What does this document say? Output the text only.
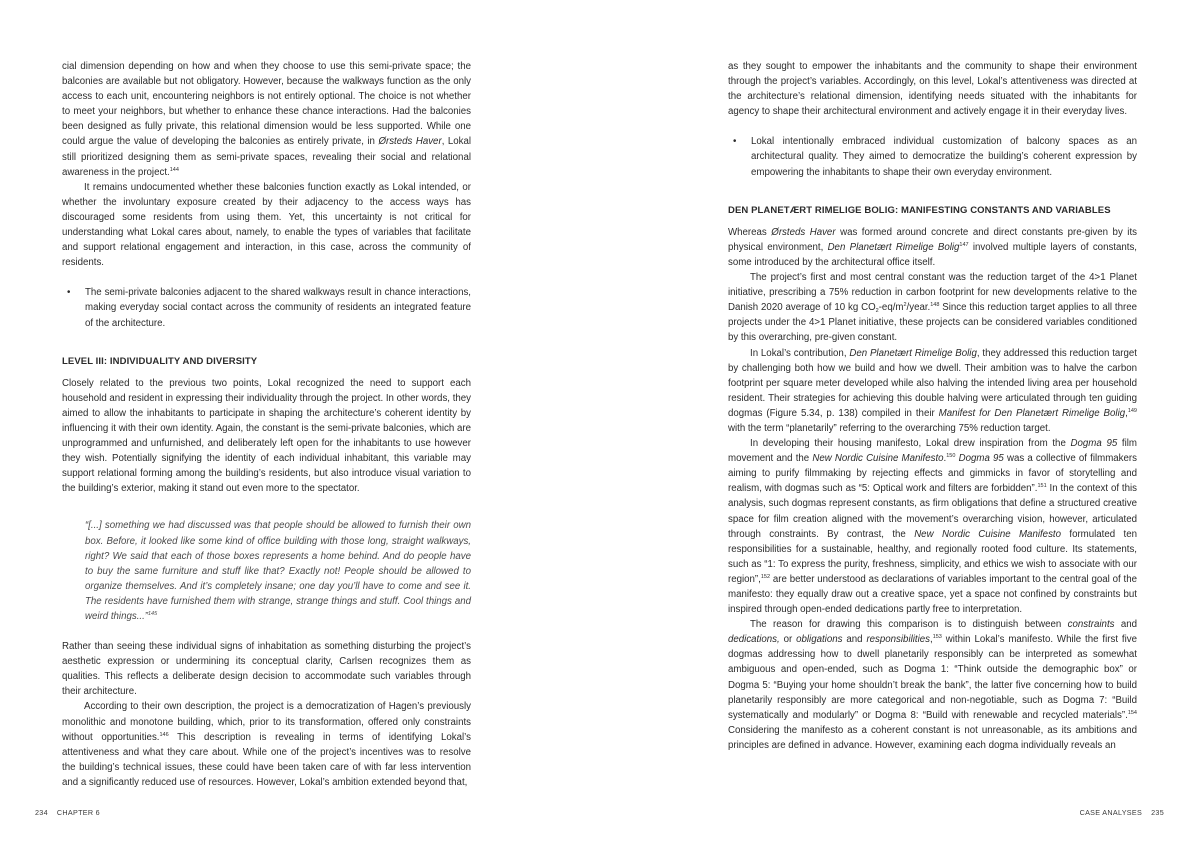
cial dimension depending on how and when they choose to use this semi-private space; the balconies are available but not obligatory. However, because the walkways function as the only access to each unit, encountering neighbors is not entirely optional. The choice is not whether to meet your neighbors, but whether to enhance these chance interactions. Had the balconies been designed as fully private, this relational dimension would be less supported. While one could argue the value of developing the balconies as entirely private, in Ørsteds Haver, Lokal still prioritized designing them as semi-private spaces, revealing their social and relational awareness in the project.$^{144}$

It remains undocumented whether these balconies function exactly as Lokal intended, or whether the involuntary exposure created by their adjacency to the access ways has discouraged some residents from using them. Yet, this uncertainty is not critical for understanding what Lokal cares about, namely, to enable the types of variables that facilitate and support relational engagement and interaction, in this case, across the community of residents.

• The semi-private balconies adjacent to the shared walkways result in chance interactions, making everyday social contact across the community of residents an integrated feature of the architecture.

LEVEL III: INDIVIDUALITY AND DIVERSITY

Closely related to the previous two points, Lokal recognized the need to support each household and resident in expressing their individuality through the project. In other words, they aimed to allow the inhabitants to participate in shaping the architecture’s coherent identity by influencing it with their own identity. Again, the constant is the semi-private balconies, which are unprogrammed and unfurnished, and deliberately left open for the inhabitants to use however they wish. Potentially signifying the identity of each individual inhabitant, this variable may support relational forming among the building’s residents, but also introduce visual variation to the building’s exterior, making it stand out even more to the spectator.

“[...] something we had discussed was that people should be allowed to furnish their own box. Before, it looked like some kind of office building with those long, straight walkways, right? We said that each of those boxes represents a home behind. And do people have to buy the same furniture and stuff like that? Exactly not! People should be allowed to organize themselves. And it’s completely insane; one day you’ll have to come and see it. The residents have furnished them with strange, strange things and stuff. Cool things and weird things...”$^{145}$

Rather than seeing these individual signs of inhabitation as something disturbing the project’s aesthetic expression or undermining its conceptual clarity, Carlsen recognizes them as qualities. This reflects a deliberate design decision to accommodate such variables through their architecture.

According to their own description, the project is a democratization of Hagen’s previously monolithic and monotone building, which, prior to its transformation, offered only constraints without opportunities.$^{146}$ This description is revealing in terms of identifying Lokal’s attentiveness and what they care about. While one of the project’s incentives was to resolve the building’s technical issues, these could have been taken care of with far less intervention and a significantly reduced use of resources. However, Lokal’s ambition extended beyond that,

234 CHAPTER 6

as they sought to empower the inhabitants and the community to shape their environment through the project’s variables. Accordingly, on this level, Lokal’s attentiveness was directed at the architecture’s relational dimension, identifying needs situated with the inhabitants for agency to shape their architectural environment and actively engage it in their everyday lives.

• Lokal intentionally embraced individual customization of balcony spaces as an architectural quality. They aimed to democratize the building’s coherent expression by empowering the inhabitants to shape their own everyday environment.

DEN PLANETÆRT RIMELIGE BOLIG: MANIFESTING CONSTANTS AND VARIABLES

Whereas Ørsteds Haver was formed around concrete and direct constants pre-given by its physical environment, Den Planetært Rimelige Bolig$^{147}$ involved multiple layers of constants, some introduced by the architectural office itself.

The project’s first and most central constant was the reduction target of the 4>1 Planet initiative, prescribing a 75% reduction in carbon footprint for new developments relative to the Danish 2020 average of 10 kg $CO_2-eq/m^2/year.^{148}$ Since this reduction target applies to all three projects under the 4>1 Planet initiative, these projects can be considered variables conditioned by this overarching, pre-given constant.

In Lokal’s contribution, Den Planetært Rimelige Bolig, they addressed this reduction target by challenging both how we build and how we dwell. Their ambition was to halve the carbon footprint per square meter developed while also halving the intended living area per household resident. Their strategies for achieving this double halving were articulated through ten guiding dogmas (Figure 5.34, p. 138) compiled in their Manifest for Den Planetært Rimelige Bolig,$^{149}$ with the term “planetarily” referring to the overarching 75% reduction target.

In developing their housing manifesto, Lokal drew inspiration from the Dogma 95 film movement and the New Nordic Cuisine Manifesto.$^{150}$ Dogma 95 was a collective of filmmakers aiming to purify filmmaking by rejecting effects and gimmicks in favor of storytelling and realism, with dogmas such as “5: Optical work and filters are forbidden”.$^{151}$ In the context of this analysis, such dogmas represent constants, as firm obligations that define a structured creative space for film creation aligned with the movement’s overarching vision, however, articulated through constraints. By contrast, the New Nordic Cuisine Manifesto formulated ten responsibilities for a sustainable, healthy, and regionally rooted food culture. Its statements, such as “1: To express the purity, freshness, simplicity, and ethics we wish to associate with our region”,$^{152}$ are better understood as declarations of variables important to the central goal of the manifesto: they equally draw out a creative space, yet a space not confined by constraints but inspired through open-ended dedications partly free to interpretation.

The reason for drawing this comparison is to distinguish between constraints and dedications, or obligations and responsibilities,$^{153}$ within Lokal’s manifesto. While the first five dogmas addressing how to dwell planetarily responsibly can be interpreted as somewhat ambiguous and open-ended, such as Dogma 1: “Think outside the demographic box” or Dogma 5: “Buying your home shouldn’t break the bank”, the latter five concerning how to build planetarily responsibly are more categorical and non-negotiable, such as Dogma 7: “Build systematically and modularly” or Dogma 8: “Build with renewable and recycled materials”.$^{154}$ Considering the manifesto as a coherent constant is not unreasonable, as its ambitions and principles are defined in advance. However, examining each dogma individually reveals an

CASE ANALYSES 235
